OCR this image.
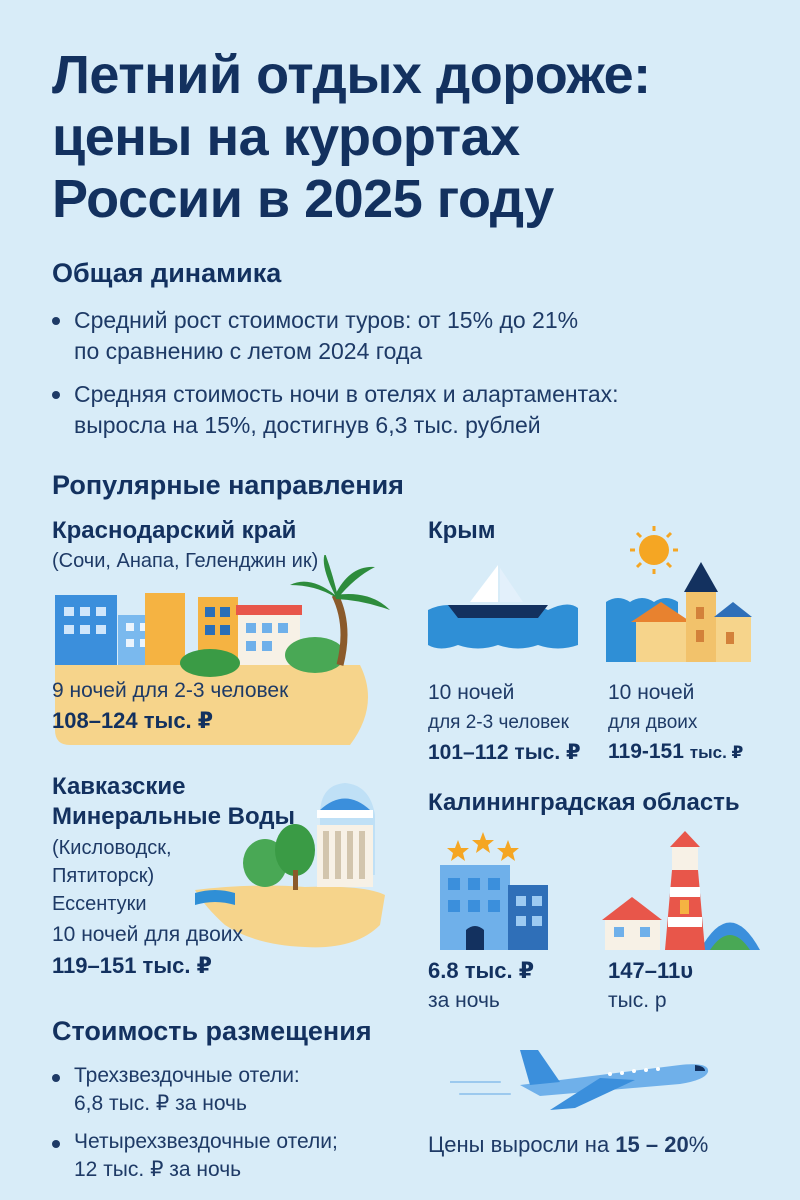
Летний отдых дороже:
цены на курортах
России в 2025 году
Общая динамика
Средний рост стоимости туров: от 15% до 21%
по сравнению с летом 2024 года
Средняя стоимость ночи в отелях и алартаментах:
выросла на 15%, достигнув 6,3 тыс. рублей
Ропулярные направления
Краснодарский край
(Сочи, Анапа, Геленджин ик)
9 ночей для 2-3 человек
108–124 тыс. ₽
Крым
10 ночей
для 2-3 человек
101–112 тыс. ₽
10 ночей
для двоих
119-151 тыс. ₽
Кавказские
Минеральные Воды
(Кисловодск,
Пятиторск)
Ессентуки
10 ночей для двоих
119–151 тыс. ₽
Калининградская область
6.8 тыс. ₽
за ночь
147–11υ
тыс. р
Стоимость размещения
Трехзвездочные отели:
6,8 тыс. ₽ за ночь
Четырехзвездочные отели;
12 тыс. ₽ за ночь
Цены выросли на 15 – 20%
